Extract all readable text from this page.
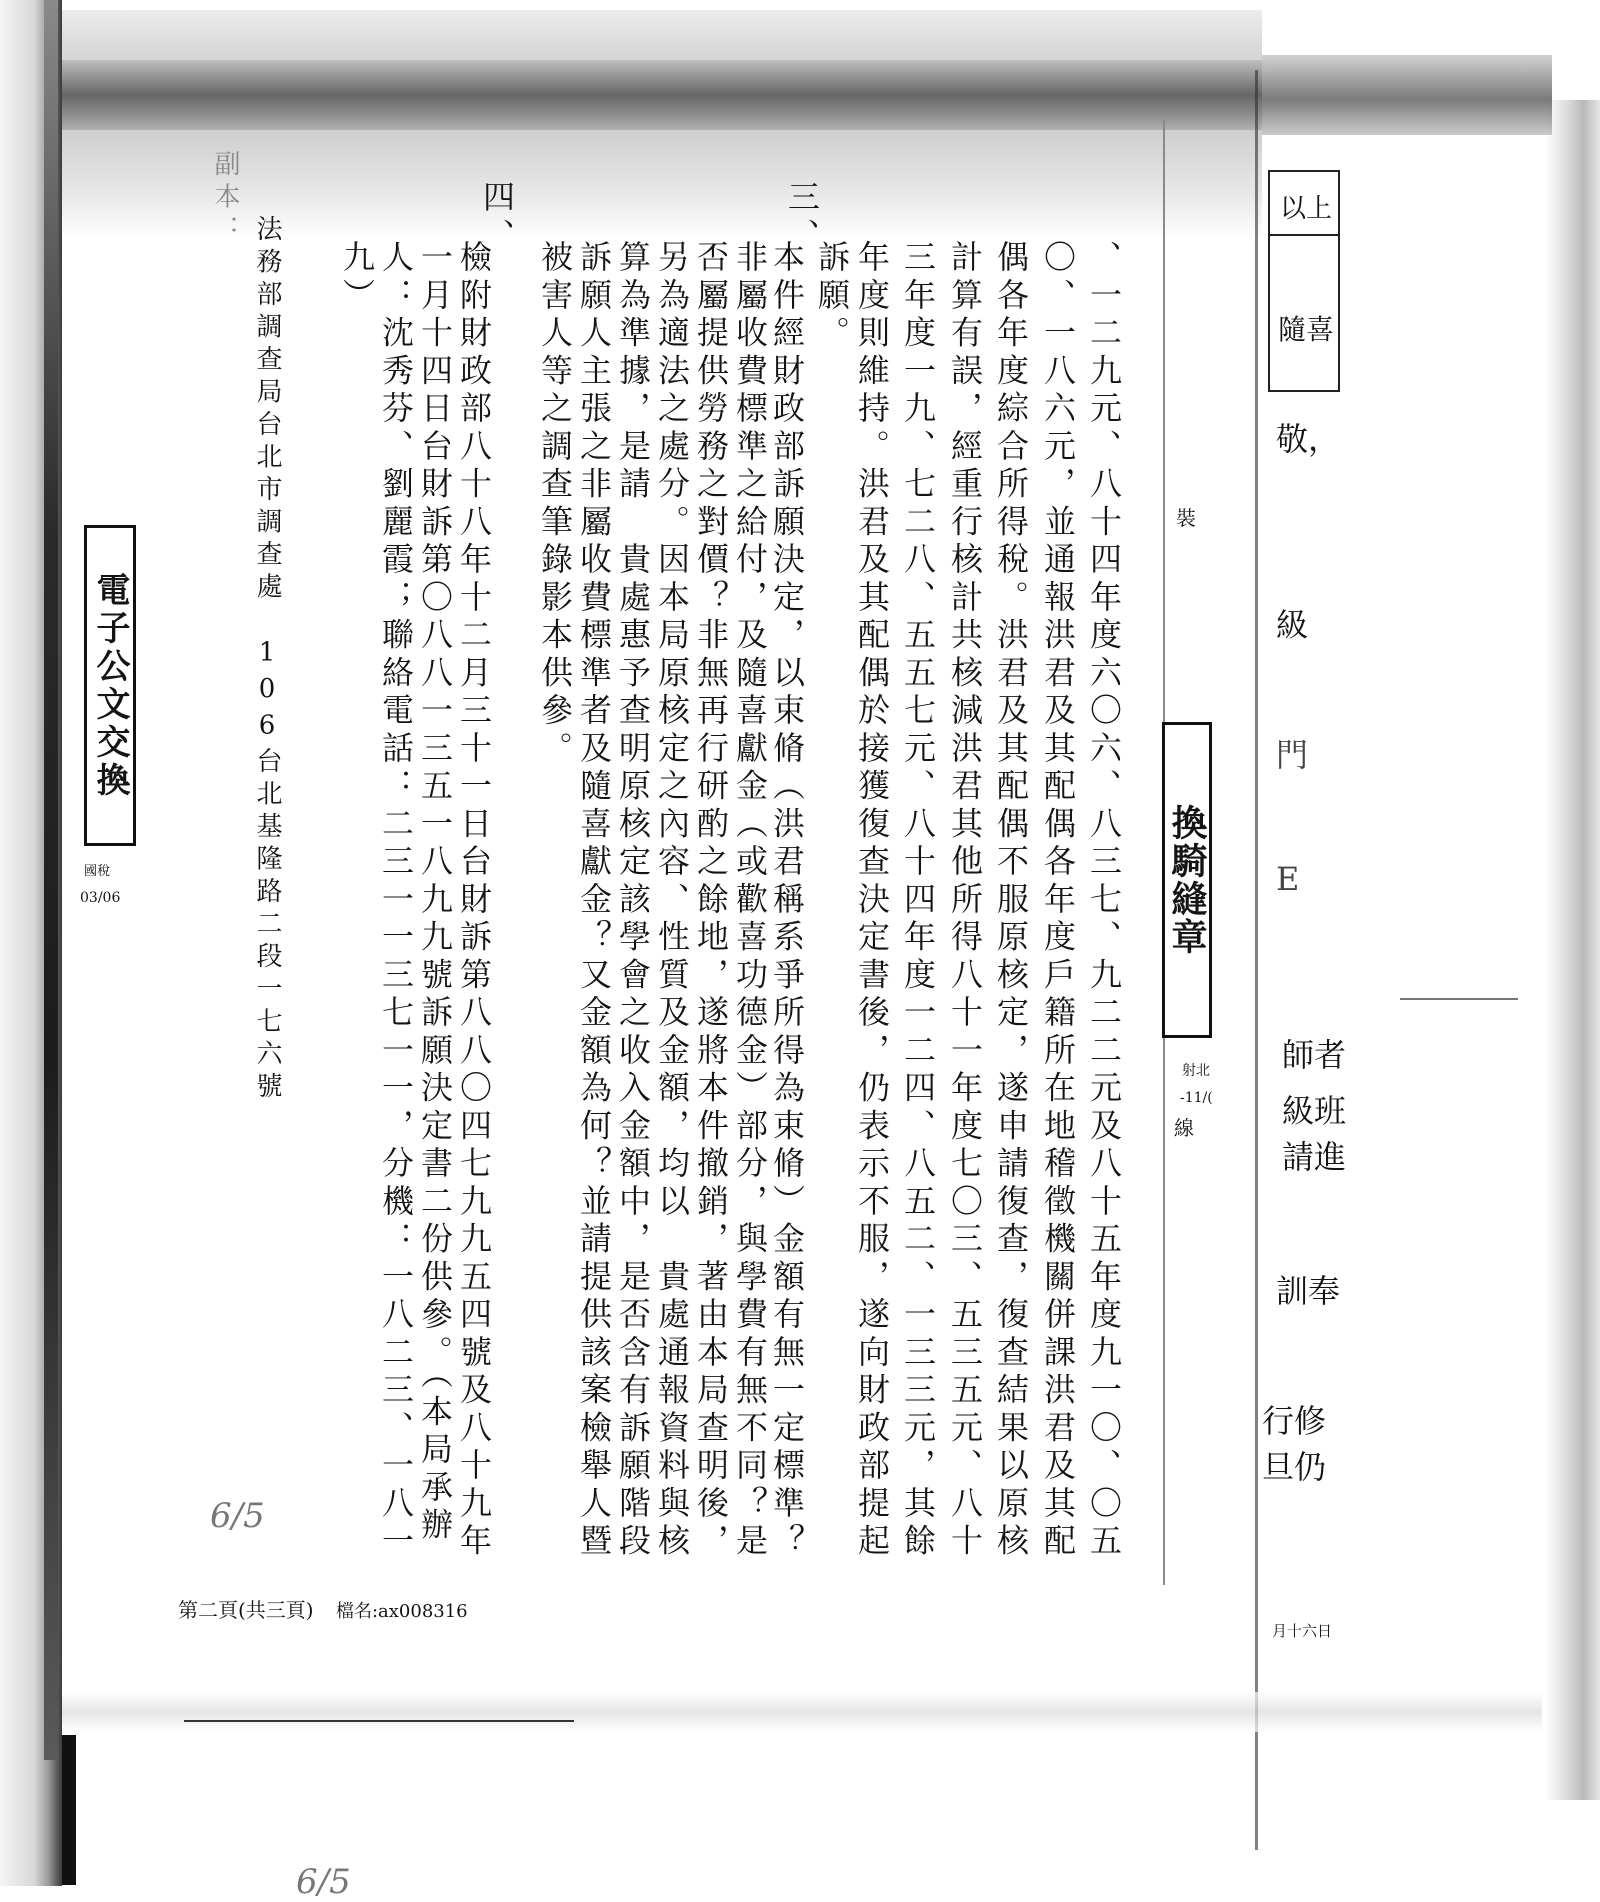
三、
四、
、一二九元、八十四年度六〇六、八三七、九二二元及八十五年度九一〇、〇五
〇、一八六元，並通報洪君及其配偶各年度戶籍所在地稽徵機關併課洪君及其配
偶各年度綜合所得稅。洪君及其配偶不服原核定，遂申請復查，復查結果以原核
計算有誤，經重行核計共核減洪君其他所得八十一年度七〇三、五三五元、八十
三年度一九、七二八、五五七元、八十四年度一二四、八五二、一三三元，其餘
年度則維持。洪君及其配偶於接獲復查決定書後，仍表示不服，遂向財政部提起
訴願。
本件經財政部訴願決定，以束脩（洪君稱系爭所得為束脩）金額有無一定標準？
非屬收費標準之給付，及隨喜獻金（或歡喜功德金）部分，與學費有無不同？是
否屬提供勞務之對價？非無再行研酌之餘地，遂將本件撤銷，著由本局查明後，
另為適法之處分。因本局原核定之內容、性質及金額，均以　貴處通報資料與核
算為準據，是請　貴處惠予查明原核定該學會之收入金額中，是否含有訴願階段
訴願人主張之非屬收費標準者及隨喜獻金？又金額為何？並請提供該案檢舉人暨
被害人等之調查筆錄影本供參。
檢附財政部八十八年十二月三十一日台財訴第八八〇四七九九五四號及八十九年
一月十四日台財訴第〇八八一三五一八九九號訴願決定書二份供參。（本局承辦
人：沈秀芬、劉麗霞；聯絡電話：二三一一三七一一，分機：一八二三、一八一
九）
法務部調查局台北市調查處　106台北基隆路二段一七六號
副本：
電子公文交換
國稅
03/06
裝
換騎縫章
射北
-11/(
線
以上
隨喜
敬，
級
門
E
師者
級班
請進
訓奉
行修
旦仍
月十六日
第二頁(共三頁) 檔名:ax008316
6/5
6/5
